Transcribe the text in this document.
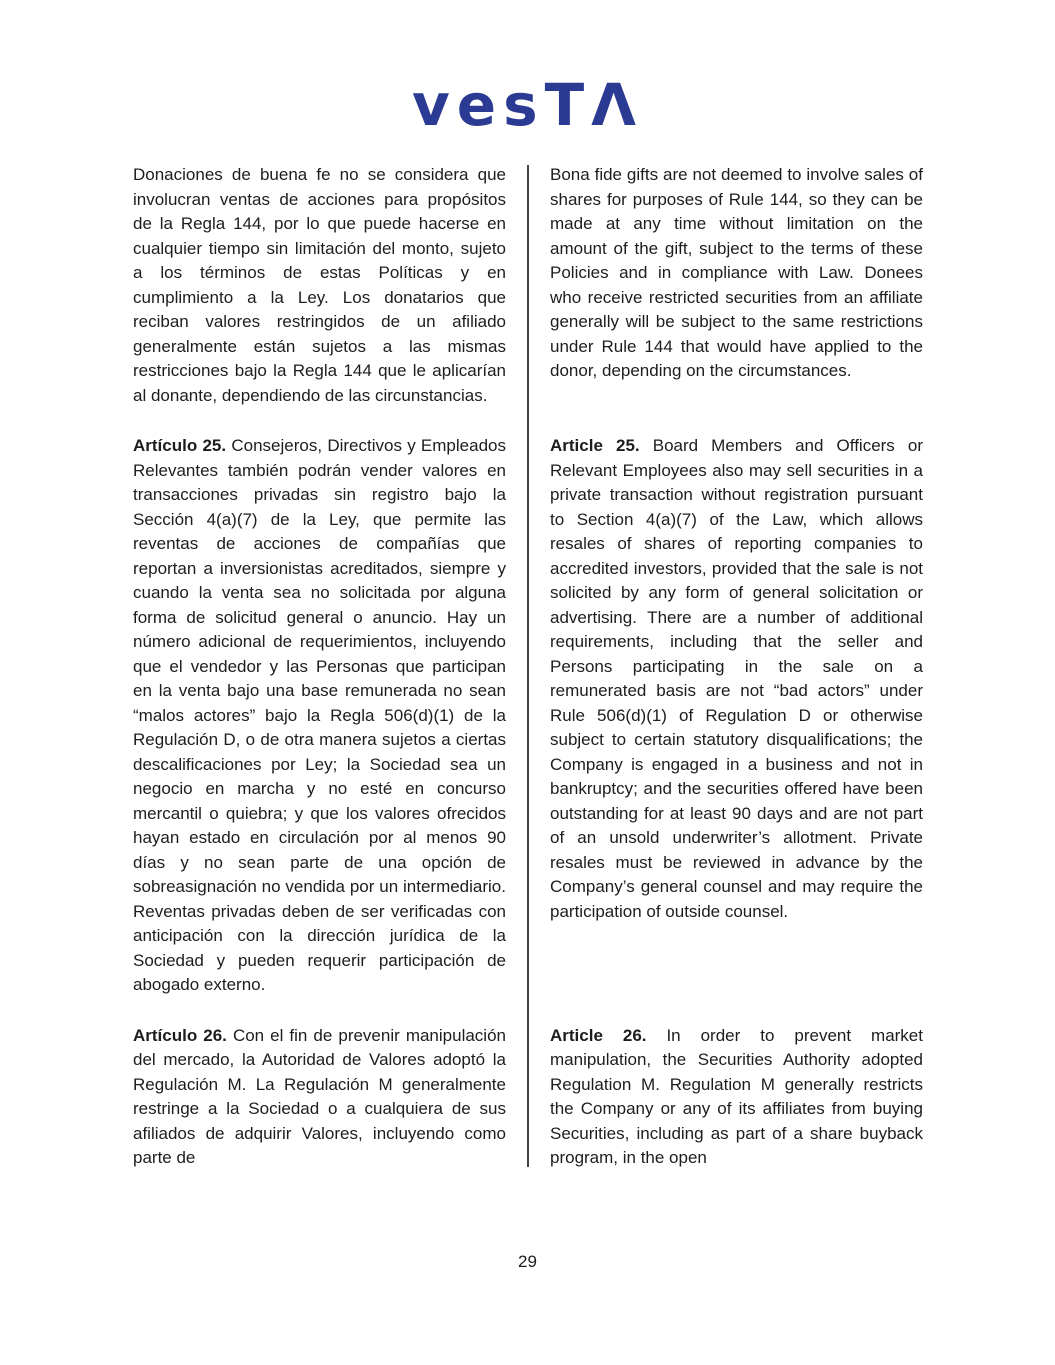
vesTΛ

Donaciones de buena fe no se considera que involucran ventas de acciones para propósitos de la Regla 144, por lo que puede hacerse en cualquier tiempo sin limitación del monto, sujeto a los términos de estas Políticas y en cumplimiento a la Ley. Los donatarios que reciban valores restringidos de un afiliado generalmente están sujetos a las mismas restricciones bajo la Regla 144 que le aplicarían al donante, dependiendo de las circunstancias.

Bona fide gifts are not deemed to involve sales of shares for purposes of Rule 144, so they can be made at any time without limitation on the amount of the gift, subject to the terms of these Policies and in compliance with Law. Donees who receive restricted securities from an affiliate generally will be subject to the same restrictions under Rule 144 that would have applied to the donor, depending on the circumstances.

Artículo 25. Consejeros, Directivos y Empleados Relevantes también podrán vender valores en transacciones privadas sin registro bajo la Sección 4(a)(7) de la Ley, que permite las reventas de acciones de compañías que reportan a inversionistas acreditados, siempre y cuando la venta sea no solicitada por alguna forma de solicitud general o anuncio. Hay un número adicional de requerimientos, incluyendo que el vendedor y las Personas que participan en la venta bajo una base remunerada no sean “malos actores” bajo la Regla 506(d)(1) de la Regulación D, o de otra manera sujetos a ciertas descalificaciones por Ley; la Sociedad sea un negocio en marcha y no esté en concurso mercantil o quiebra; y que los valores ofrecidos hayan estado en circulación por al menos 90 días y no sean parte de una opción de sobreasignación no vendida por un intermediario. Reventas privadas deben de ser verificadas con anticipación con la dirección jurídica de la Sociedad y pueden requerir participación de abogado externo.

Article 25. Board Members and Officers or Relevant Employees also may sell securities in a private transaction without registration pursuant to Section 4(a)(7) of the Law, which allows resales of shares of reporting companies to accredited investors, provided that the sale is not solicited by any form of general solicitation or advertising. There are a number of additional requirements, including that the seller and Persons participating in the sale on a remunerated basis are not “bad actors” under Rule 506(d)(1) of Regulation D or otherwise subject to certain statutory disqualifications; the Company is engaged in a business and not in bankruptcy; and the securities offered have been outstanding for at least 90 days and are not part of an unsold underwriter’s allotment. Private resales must be reviewed in advance by the Company’s general counsel and may require the participation of outside counsel.

Artículo 26. Con el fin de prevenir manipulación del mercado, la Autoridad de Valores adoptó la Regulación M. La Regulación M generalmente restringe a la Sociedad o a cualquiera de sus afiliados de adquirir Valores, incluyendo como parte de

Article 26. In order to prevent market manipulation, the Securities Authority adopted Regulation M. Regulation M generally restricts the Company or any of its affiliates from buying Securities, including as part of a share buyback program, in the open

29
